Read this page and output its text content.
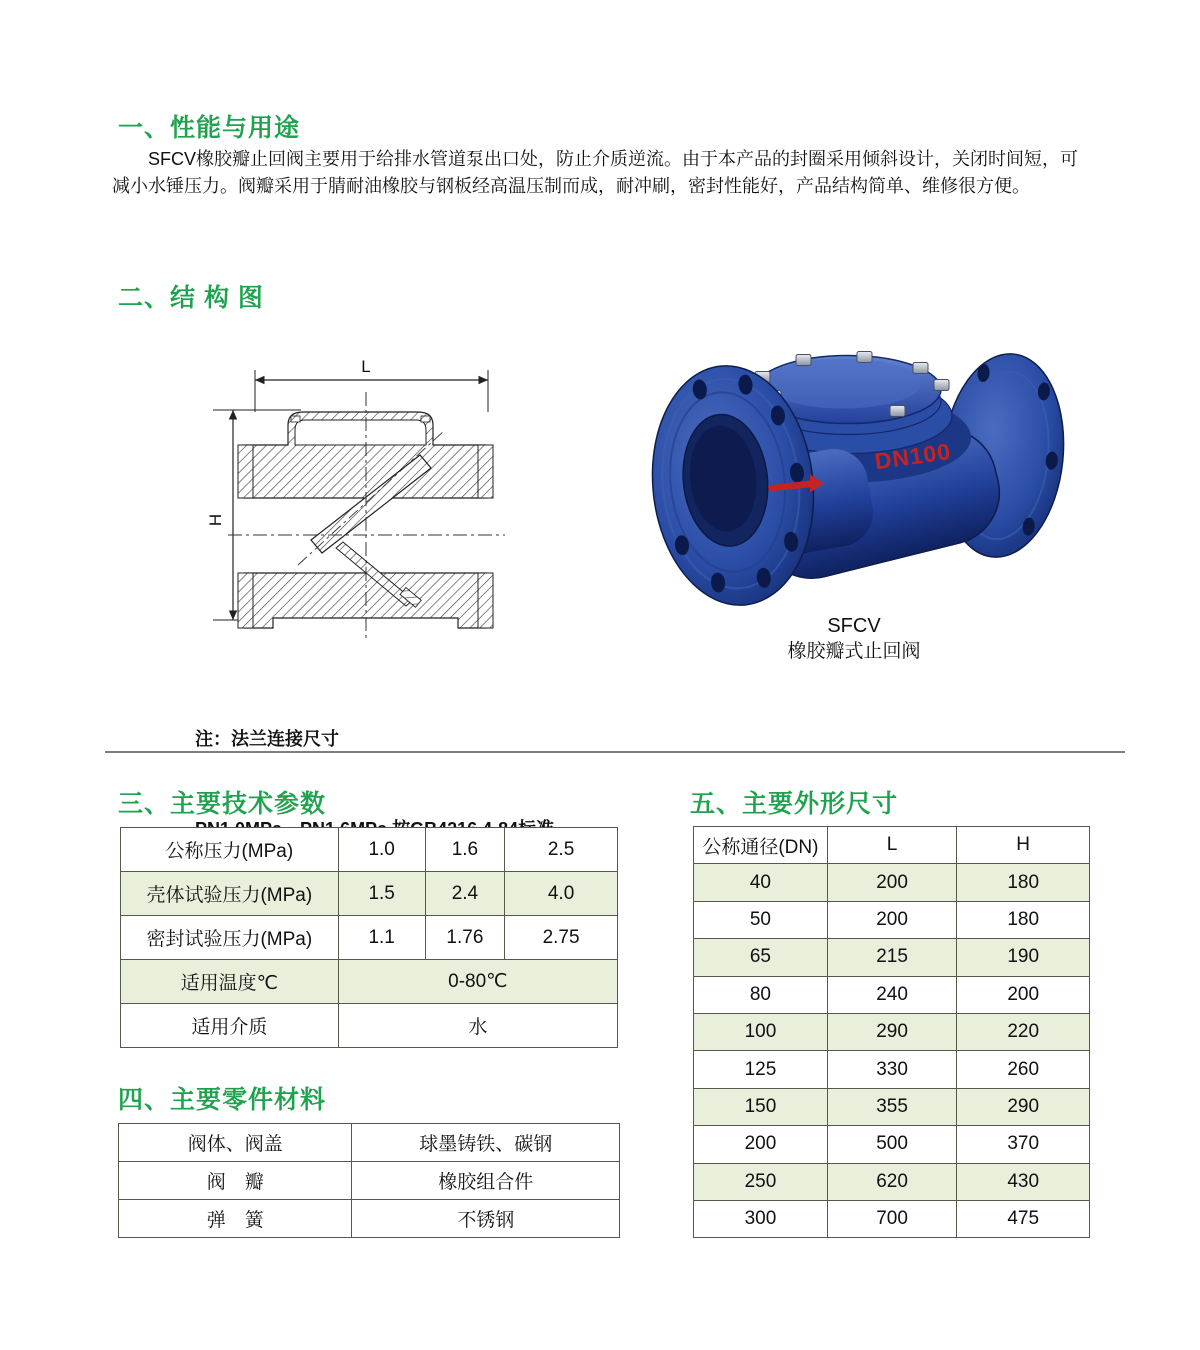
一、性能与用途
SFCV橡胶瓣止回阀主要用于给排水管道泵出口处，防止介质逆流。由于本产品的封圈采用倾斜设计，关闭时间短，可减小水锤压力。阀瓣采用于腈耐油橡胶与钢板经高温压制而成，耐冲刷，密封性能好，产品结构简单、维修很方便。
二、结 构 图
L
H
DN100
SFCV
橡胶瓣式止回阀

注：法兰连接尺寸

三、主要技术参数
公称压力(MPa)	1.0	1.6	2.5
壳体试验压力(MPa)	1.5	2.4	4.0
密封试验压力(MPa)	1.1	1.76	2.75
适用温度℃	0-80℃		
适用介质	水		
四、主要零件材料
阀体、阀盖	球墨铸铁、碳钢
阀　瓣	橡胶组合件
弹　簧	不锈钢
五、主要外形尺寸
公称通径(DN)	L	H
40	200	180
50	200	180
65	215	190
80	240	200
100	290	220
125	330	260
150	355	290
200	500	370
250	620	430
300	700	475
